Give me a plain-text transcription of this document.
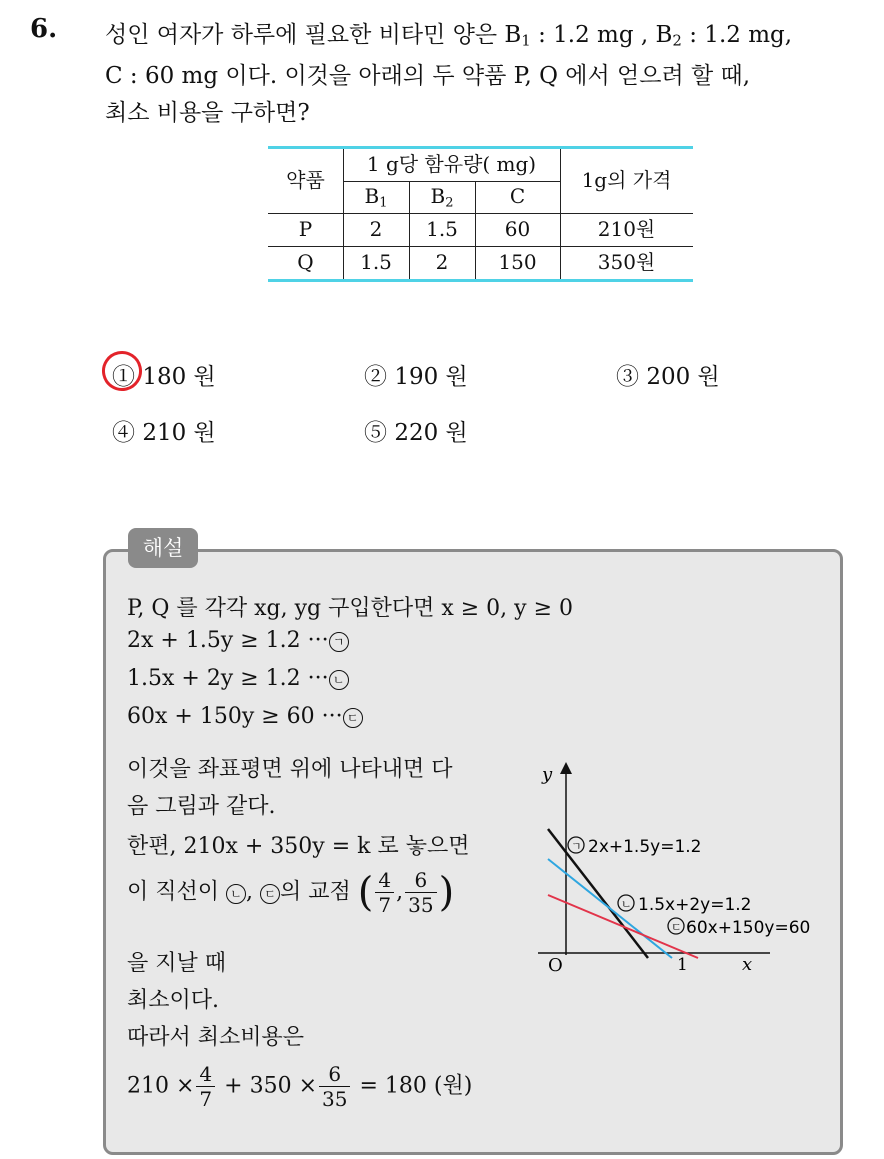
6. 성인 여자가 하루에 필요한 비타민 양은 $B_1$ : 1.2 mg , $B_2$ : 1.2 mg,
C : 60 mg 이다. 이것을 아래의 두 약품 P, Q 에서 얻으려 할 때,
최소 비용을 구하면?
약품
1 g당 함유량( mg)
$B_1$	$B_2$	C
1g의 가격
P	2	1.5	60	210원
Q	1.5	2	150	350원
① 180 원	② 190 원	③ 200 원
④ 210 원	⑤ 220 원
해설
P, Q 를 각각 xg, yg 구입한다면 x ≥ 0, y ≥ 0
2x + 1.5y ≥ 1.2 ··· ㄱ
1.5x + 2y ≥ 1.2 ··· ㄴ
60x + 150y ≥ 60 ··· ㄷ
이것을 좌표평면 위에 나타내면 다
음 그림과 같다.
한편, 210x + 350y = k 로 놓으면
이 직선이 ㄴ , ㄷ 의 교점 ( $\frac{4}{7}$ , $\frac{6}{35}$ )
을 지날 때
최소이다.
따라서 최소비용은
$210 \times \frac{4}{7} + 350 \times \frac{6}{35} = 180$ (원)
y
x
O	1
ㄱ 2x+1.5y=1.2
ㄴ 1.5x+2y=1.2
ㄷ 60x+150y=60
